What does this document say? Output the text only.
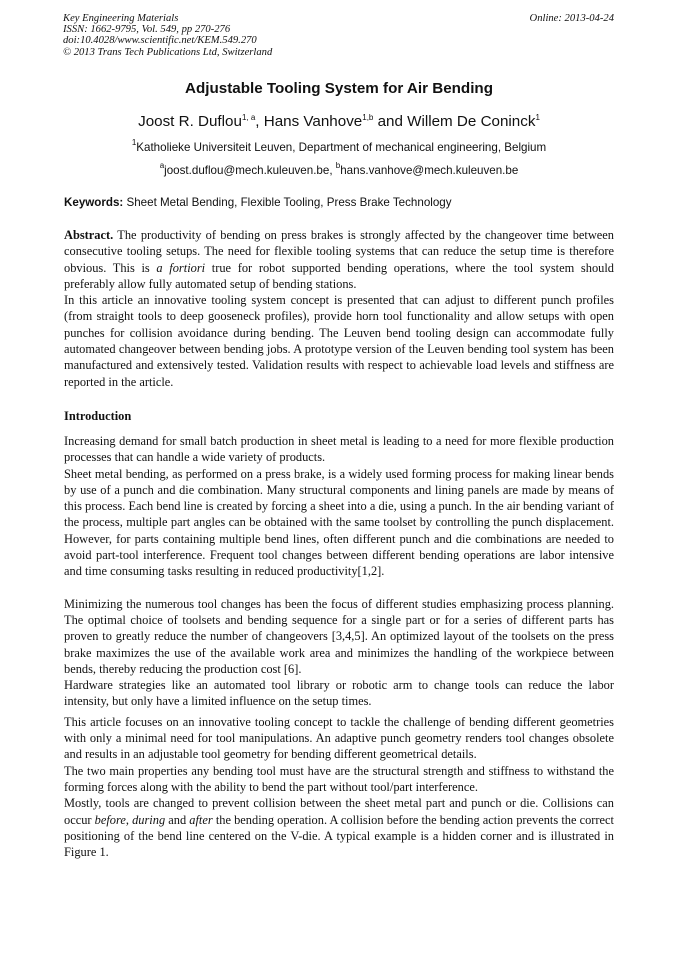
Key Engineering Materials
ISSN: 1662-9795, Vol. 549, pp 270-276
doi:10.4028/www.scientific.net/KEM.549.270
© 2013 Trans Tech Publications Ltd, Switzerland
Online: 2013-04-24
Adjustable Tooling System for Air Bending
Joost R. Duflou$^{1, a}$, Hans Vanhove$^{1,b}$ and Willem De Coninck$^1$
$^1$Katholieke Universiteit Leuven, Department of mechanical engineering, Belgium
$^a$joost.duflou@mech.kuleuven.be, $^b$hans.vanhove@mech.kuleuven.be
Keywords: Sheet Metal Bending, Flexible Tooling, Press Brake Technology

Abstract. The productivity of bending on press brakes is strongly affected by the changeover time between consecutive tooling setups. The need for flexible tooling systems that can reduce the setup time is therefore obvious. This is a fortiori true for robot supported bending operations, where the tool system should preferably allow fully automated setup of bending stations.

In this article an innovative tooling system concept is presented that can adjust to different punch profiles (from straight tools to deep gooseneck profiles), provide horn tool functionality and allow setups with open punches for collision avoidance during bending. The Leuven bend tooling design can accommodate fully automated changeover between bending jobs. A prototype version of the Leuven bending tool system has been manufactured and extensively tested. Validation results with respect to achievable load levels and stiffness are reported in the article.

Introduction

Increasing demand for small batch production in sheet metal is leading to a need for more flexible production processes that can handle a wide variety of products.

Sheet metal bending, as performed on a press brake, is a widely used forming process for making linear bends by use of a punch and die combination. Many structural components and lining panels are made by means of this process. Each bend line is created by forcing a sheet into a die, using a punch. In the air bending variant of the process, multiple part angles can be obtained with the same toolset by controlling the punch displacement. However, for parts containing multiple bend lines, often different punch and die combinations are needed to avoid part-tool interference. Frequent tool changes between different bending operations are labor intensive and time consuming tasks resulting in reduced productivity[1,2].

Minimizing the numerous tool changes has been the focus of different studies emphasizing process planning. The optimal choice of toolsets and bending sequence for a single part or for a series of different parts has proven to greatly reduce the number of changeovers [3,4,5]. An optimized layout of the toolsets on the press brake maximizes the use of the available work area and minimizes the handling of the workpiece between bends, thereby reducing the production cost [6].

Hardware strategies like an automated tool library or robotic arm to change tools can reduce the labor intensity, but only have a limited influence on the setup times.

This article focuses on an innovative tooling concept to tackle the challenge of bending different geometries with only a minimal need for tool manipulations. An adaptive punch geometry renders tool changes obsolete and results in an adjustable tool geometry for bending different geometrical details.

The two main properties any bending tool must have are the structural strength and stiffness to withstand the forming forces along with the ability to bend the part without tool/part interference.

Mostly, tools are changed to prevent collision between the sheet metal part and punch or die. Collisions can occur before, during and after the bending operation. A collision before the bending action prevents the correct positioning of the bend line centered on the V-die. A typical example is a hidden corner and is illustrated in Figure 1.
